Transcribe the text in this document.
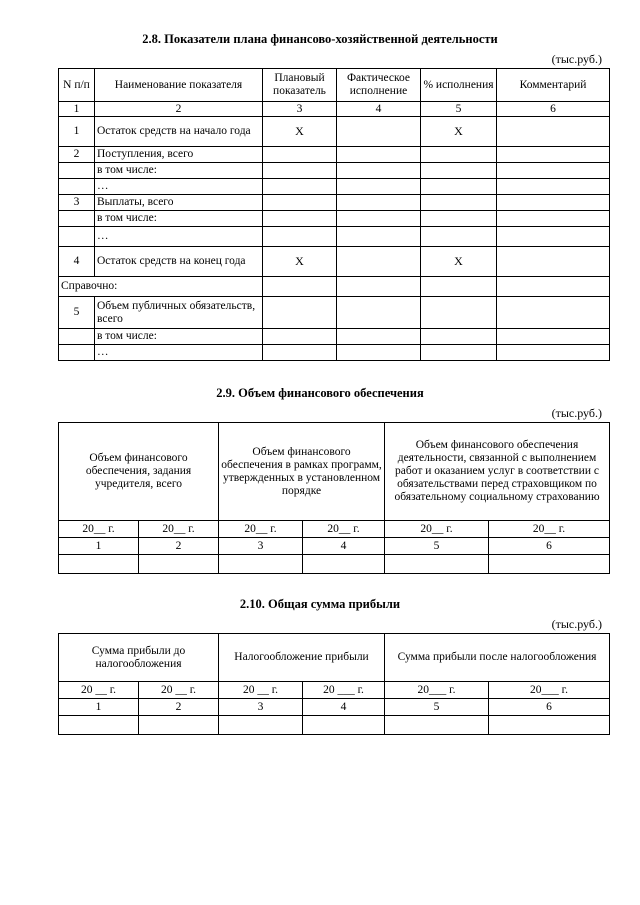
2.8. Показатели плана финансово-хозяйственной деятельности
(тыс.руб.)
N п/п	Наименование показателя	Плановый показатель	Фактическое исполнение	% исполнения	Комментарий
1	2	3	4	5	6
1	Остаток средств на начало года	X		X	
2	Поступления, всего				
	в том числе:				
	…				
3	Выплаты, всего				
	в том числе:				
	…				
4	Остаток средств на конец года	X		X	
Справочно:					
5	Объем публичных обязательств, всего				
	в том числе:				
	…				
2.9. Объем финансового обеспечения
(тыс.руб.)
Объем финансового обеспечения, задания учредителя, всего		Объем финансового обеспечения в рамках программ, утвержденных в установленном порядке		Объем финансового обеспечения деятельности, связанной с выполнением работ и оказанием услуг в соответствии с обязательствами перед страховщиком по обязательному социальному страхованию	
20__ г.	20__ г.	20__ г.	20__ г.	20__ г.	20__ г.
1	2	3	4	5	6

2.10. Общая сумма прибыли
(тыс.руб.)
Сумма прибыли до налогообложения		Налогообложение прибыли		Сумма прибыли после налогообложения	
20 __ г.	20 __ г.	20 __ г.	20 ___ г.	20___ г.	20___ г.
1	2	3	4	5	6
